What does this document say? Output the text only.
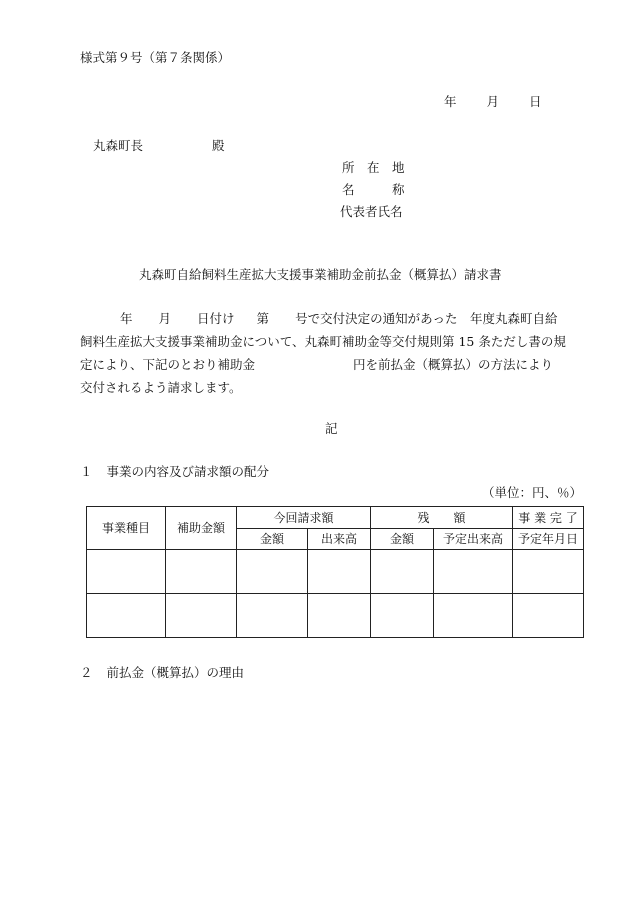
様式第９号（第７条関係）
年 月 日
丸森町長	殿
所　在　地
名　　　称
代表者氏名
丸森町自給飼料生産拡大支援事業補助金前払金（概算払）請求書
年 月 日付け 第 号で交付決定の通知があった　年度丸森町自給
飼料生産拡大支援事業補助金について、丸森町補助金等交付規則第 15 条ただし書の規
定により、下記のとおり補助金	円を前払金（概算払）の方法により
交付されるよう請求します。
記
１ 事業の内容及び請求額の配分
（単位：円、％）
事業種目	補助金額	今回請求額		残　　額		事 業 完 了
		金額	出来高	金額	予定出来高	予定年月日

２ 前払金（概算払）の理由
